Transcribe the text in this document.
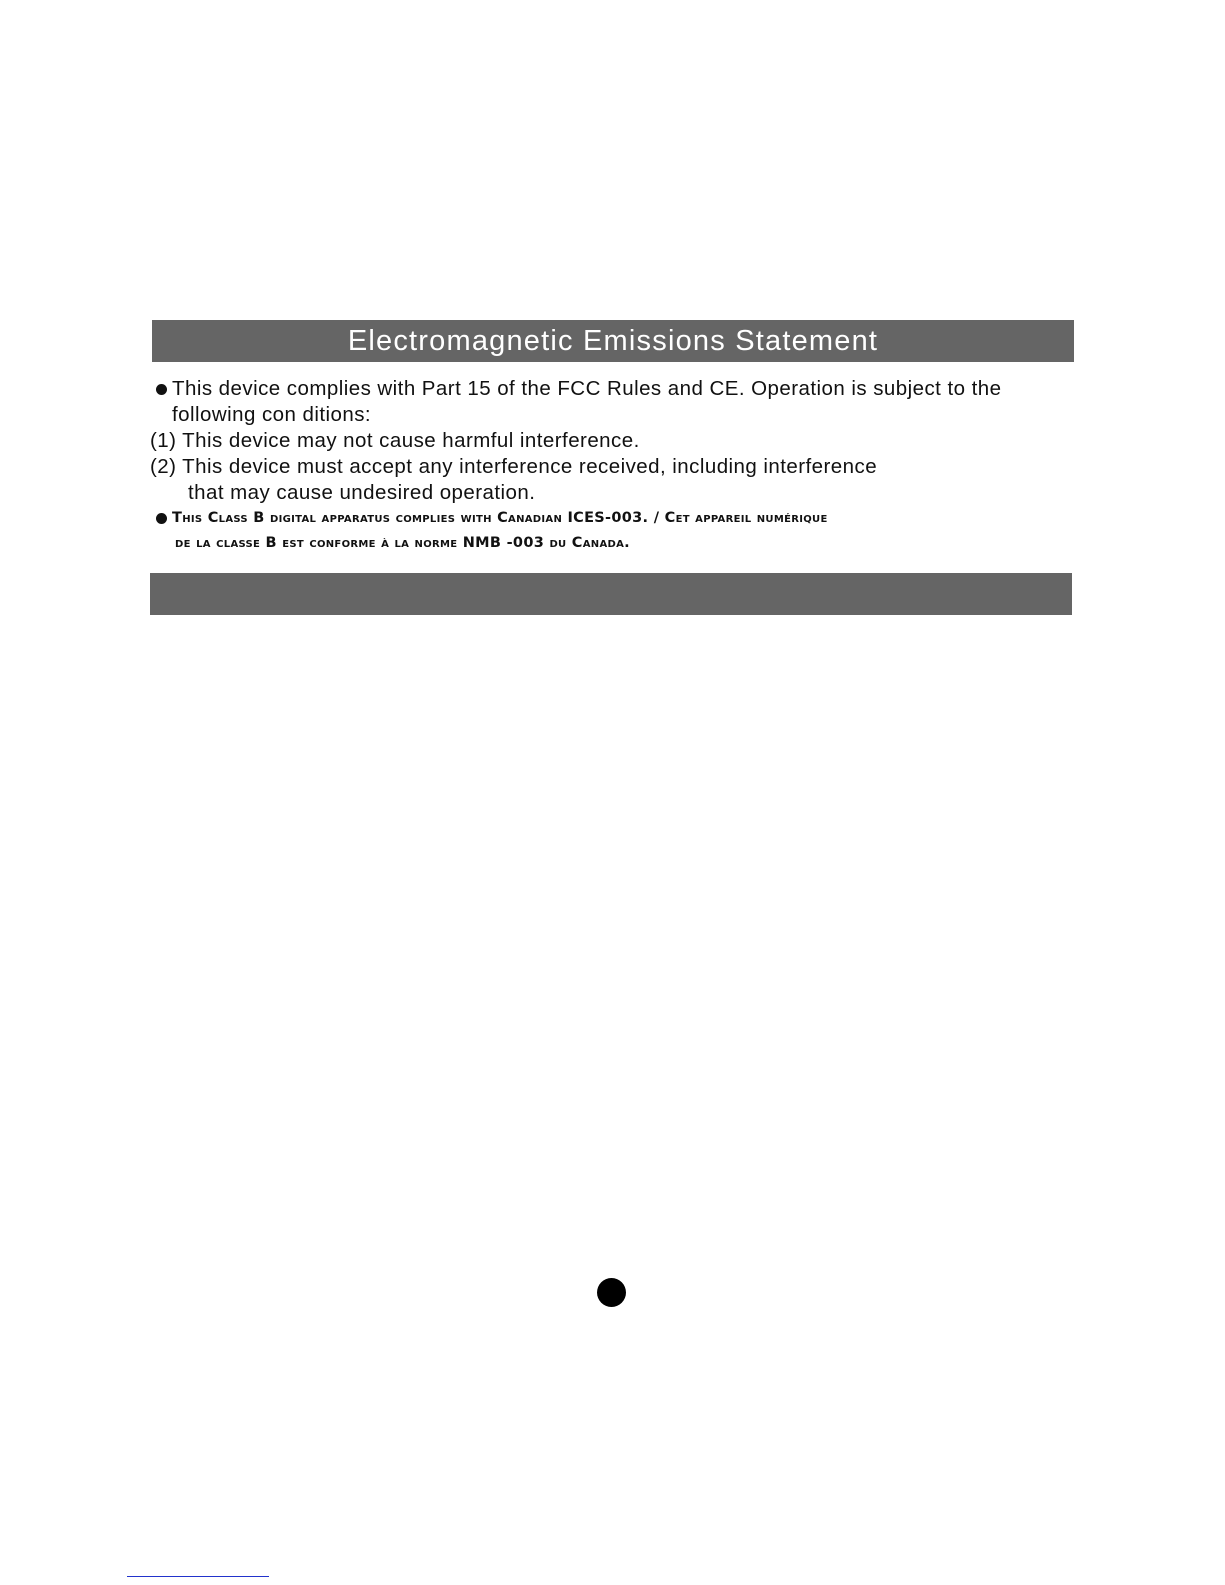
Electromagnetic Emissions Statement
This device complies with Part 15 of the FCC Rules and CE. Operation is subject to the
following con ditions:
(1) This device may not cause harmful interference.
(2) This device must accept any interference received, including interference
that may cause undesired operation.
This Class B digital apparatus complies with Canadian ICES-003. / Cet appareil numérique
de la classe B est conforme à la norme NMB -003 du Canada.
